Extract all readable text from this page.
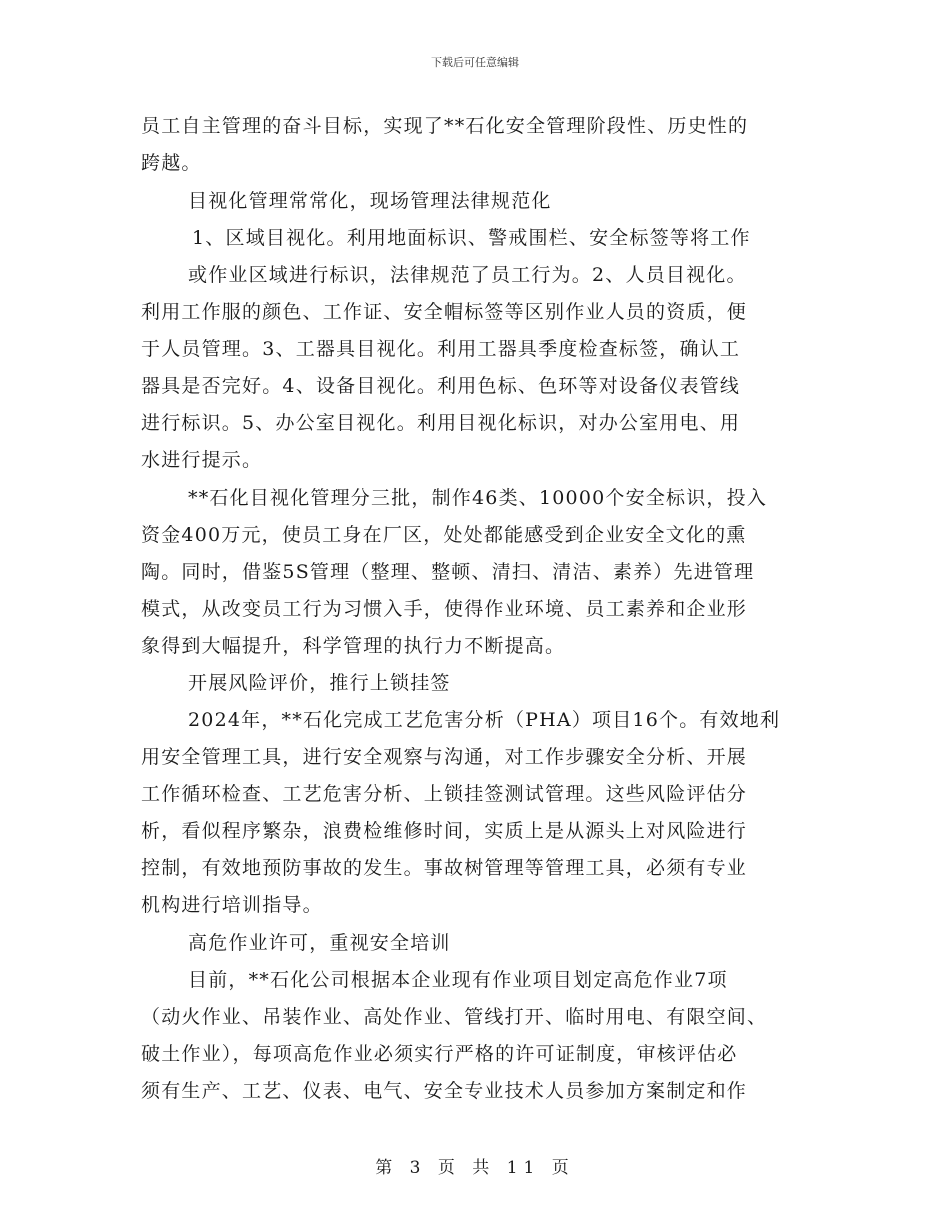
下载后可任意编辑
员工自主管理的奋斗目标，实现了**石化安全管理阶段性、历史性的
跨越。
目视化管理常常化，现场管理法律规范化
1、区域目视化。利用地面标识、警戒围栏、安全标签等将工作
或作业区域进行标识，法律规范了员工行为。2、人员目视化。
利用工作服的颜色、工作证、安全帽标签等区别作业人员的资质，便
于人员管理。3、工器具目视化。利用工器具季度检查标签，确认工
器具是否完好。4、设备目视化。利用色标、色环等对设备仪表管线
进行标识。5、办公室目视化。利用目视化标识，对办公室用电、用
水进行提示。
**石化目视化管理分三批，制作46类、10000个安全标识，投入
资金400万元，使员工身在厂区，处处都能感受到企业安全文化的熏
陶。同时，借鉴5S管理（整理、整顿、清扫、清洁、素养）先进管理
模式，从改变员工行为习惯入手，使得作业环境、员工素养和企业形
象得到大幅提升，科学管理的执行力不断提高。
开展风险评价，推行上锁挂签
2024年，**石化完成工艺危害分析（PHA）项目16个。有效地利
用安全管理工具，进行安全观察与沟通，对工作步骤安全分析、开展
工作循环检查、工艺危害分析、上锁挂签测试管理。这些风险评估分
析，看似程序繁杂，浪费检维修时间，实质上是从源头上对风险进行
控制，有效地预防事故的发生。事故树管理等管理工具，必须有专业
机构进行培训指导。
高危作业许可，重视安全培训
目前，**石化公司根据本企业现有作业项目划定高危作业7项
（动火作业、吊装作业、高处作业、管线打开、临时用电、有限空间、
破土作业），每项高危作业必须实行严格的许可证制度，审核评估必
须有生产、工艺、仪表、电气、安全专业技术人员参加方案制定和作
第 3 页 共 11 页
